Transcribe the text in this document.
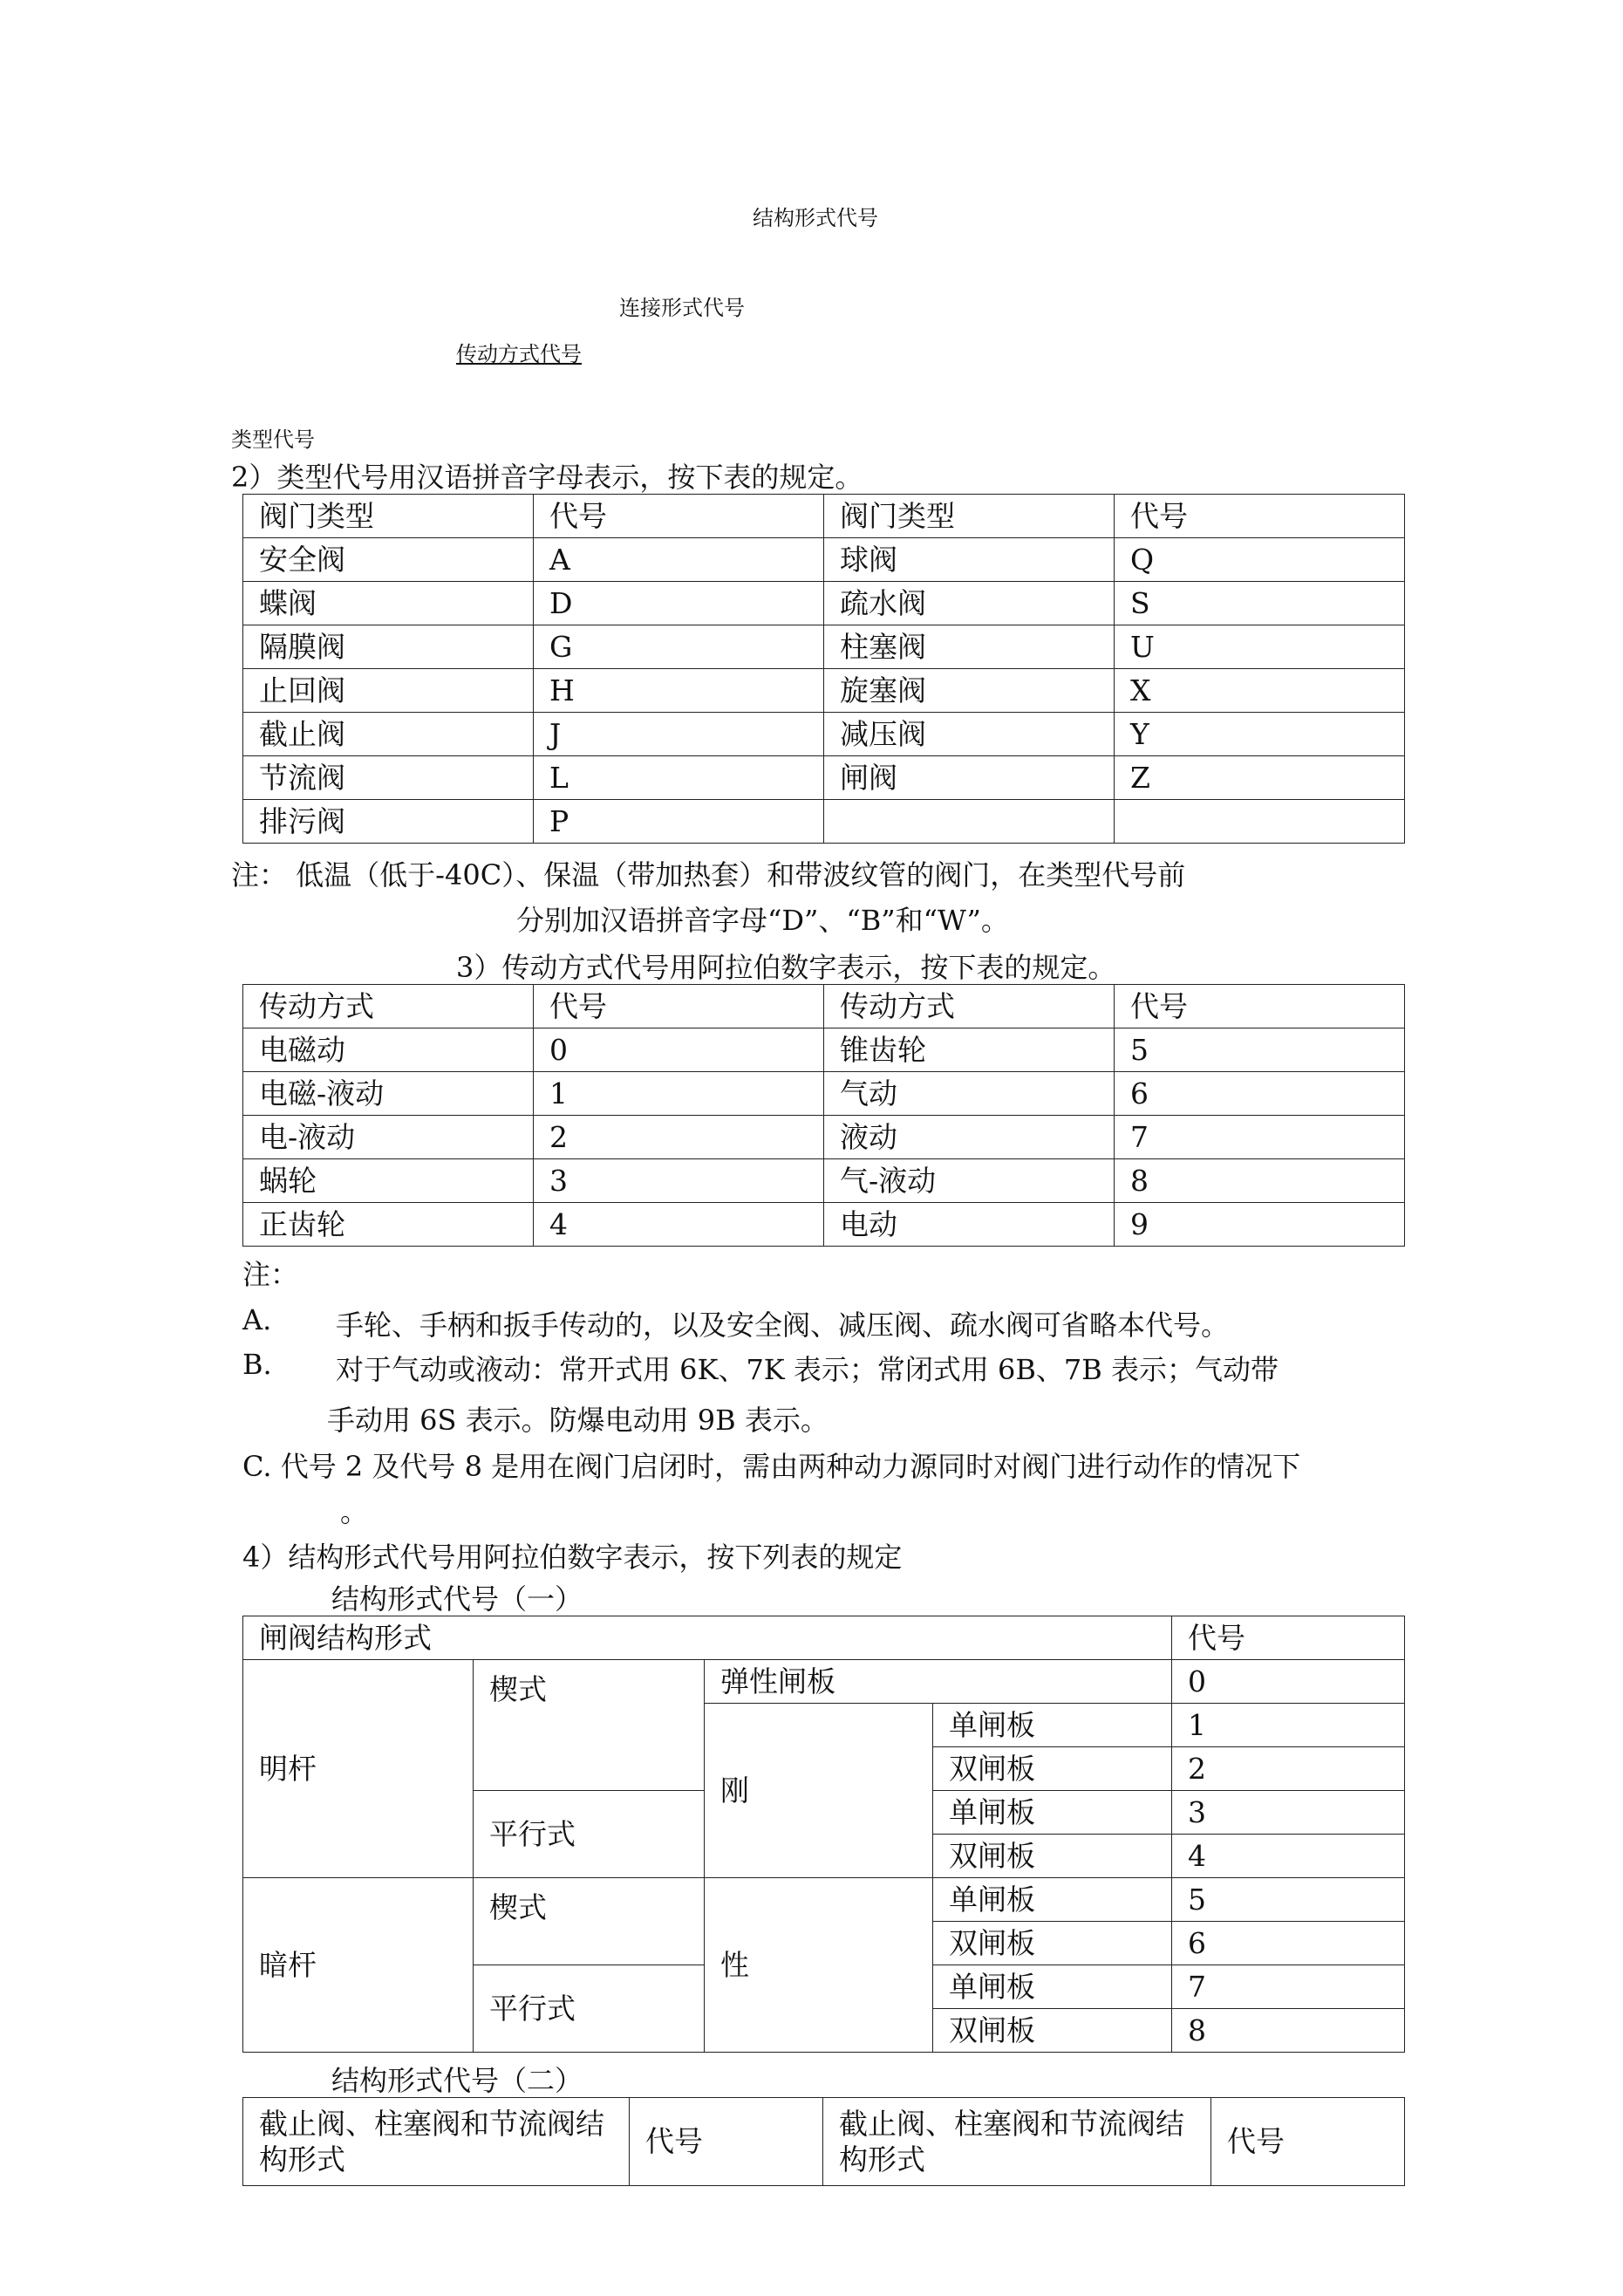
结构形式代号
连接形式代号
传动方式代号
类型代号
2）类型代号用汉语拼音字母表示，按下表的规定。
阀门类型	代号	阀门类型	代号
安全阀	A	球阀	Q
蝶阀	D	疏水阀	S
隔膜阀	G	柱塞阀	U
止回阀	H	旋塞阀	X
截止阀	J	减压阀	Y
节流阀	L	闸阀	Z
排污阀	P		
注： 低温（低于-40C）、保温（带加热套）和带波纹管的阀门，在类型代号前
分别加汉语拼音字母“D”、“B”和“W”。
3）传动方式代号用阿拉伯数字表示，按下表的规定。
传动方式	代号	传动方式	代号
电磁动	0	锥齿轮	5
电磁-液动	1	气动	6
电-液动	2	液动	7
蜗轮	3	气-液动	8
正齿轮	4	电动	9
注：
A. 手轮、手柄和扳手传动的，以及安全阀、减压阀、疏水阀可省略本代号。
B. 对于气动或液动：常开式用 6K、7K 表示；常闭式用 6B、7B 表示；气动带
手动用 6S 表示。防爆电动用 9B 表示。
C. 代号 2 及代号 8 是用在阀门启闭时，需由两种动力源同时对阀门进行动作的情况下
。
4）结构形式代号用阿拉伯数字表示，按下列表的规定
结构形式代号（一）
闸阀结构形式				代号
明杆	楔式	弹性闸板		0
		刚	单闸板	1
			双闸板	2
	平行式		单闸板	3
			双闸板	4
暗杆	楔式	性	单闸板	5
			双闸板	6
	平行式		单闸板	7
			双闸板	8
结构形式代号（二）
截止阀、柱塞阀和节流阀结构形式	代号	截止阀、柱塞阀和节流阀结构形式	代号
